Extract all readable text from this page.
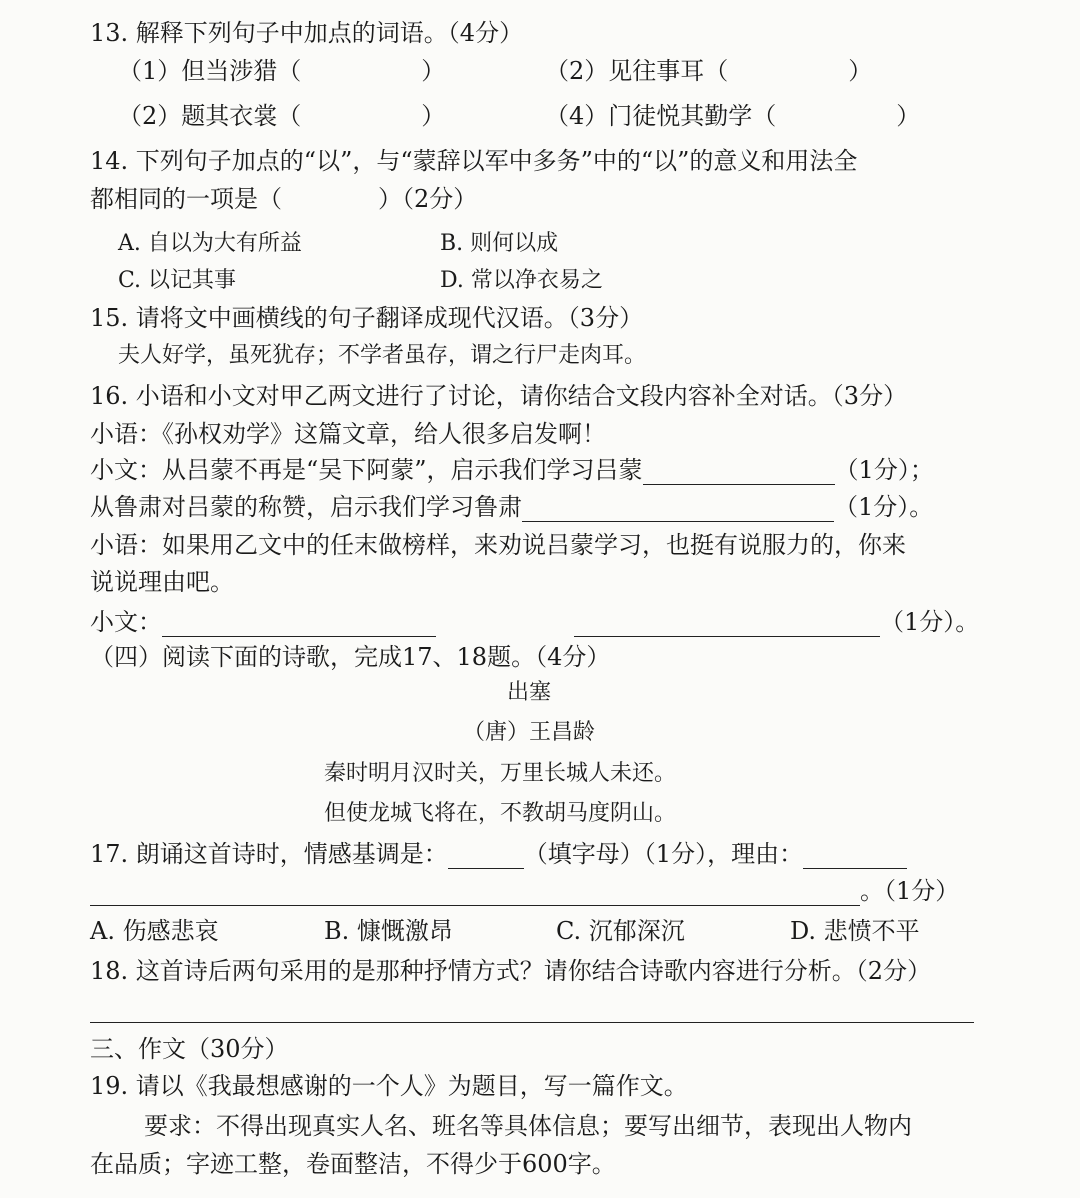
13. 解释下列句子中加点的词语。（4分）
（1）但当涉猎（　　　　　）	（2）见往事耳（　　　　　）
（2）题其衣裳（　　　　　）	（4）门徒悦其勤学（　　　　　）
14. 下列句子加点的“以”，与“蒙辞以军中多务”中的“以”的意义和用法全
都相同的一项是（　　　　）（2分）
A. 自以为大有所益	B. 则何以成
C. 以记其事	D. 常以净衣易之
15. 请将文中画横线的句子翻译成现代汉语。（3分）
夫人好学，虽死犹存；不学者虽存，谓之行尸走肉耳。
16. 小语和小文对甲乙两文进行了讨论，请你结合文段内容补全对话。（3分）
小语：《孙权劝学》这篇文章，给人很多启发啊！
小文：从吕蒙不再是“吴下阿蒙”，启示我们学习吕蒙	（1分）；
从鲁肃对吕蒙的称赞，启示我们学习鲁肃	（1分）。
小语：如果用乙文中的任末做榜样，来劝说吕蒙学习，也挺有说服力的，你来
说说理由吧。
小文：	（1分）。
（四）阅读下面的诗歌，完成17、18题。（4分）
出塞
（唐）王昌龄
秦时明月汉时关，万里长城人未还。
但使龙城飞将在，不教胡马度阴山。
17. 朗诵这首诗时，情感基调是：	（填字母）（1分），理由：
。（1分）
A. 伤感悲哀	B. 慷慨激昂	C. 沉郁深沉	D. 悲愤不平
18. 这首诗后两句采用的是那种抒情方式？请你结合诗歌内容进行分析。（2分）
三、作文（30分）
19. 请以《我最想感谢的一个人》为题目，写一篇作文。
要求：不得出现真实人名、班名等具体信息；要写出细节，表现出人物内
在品质；字迹工整，卷面整洁，不得少于600字。
